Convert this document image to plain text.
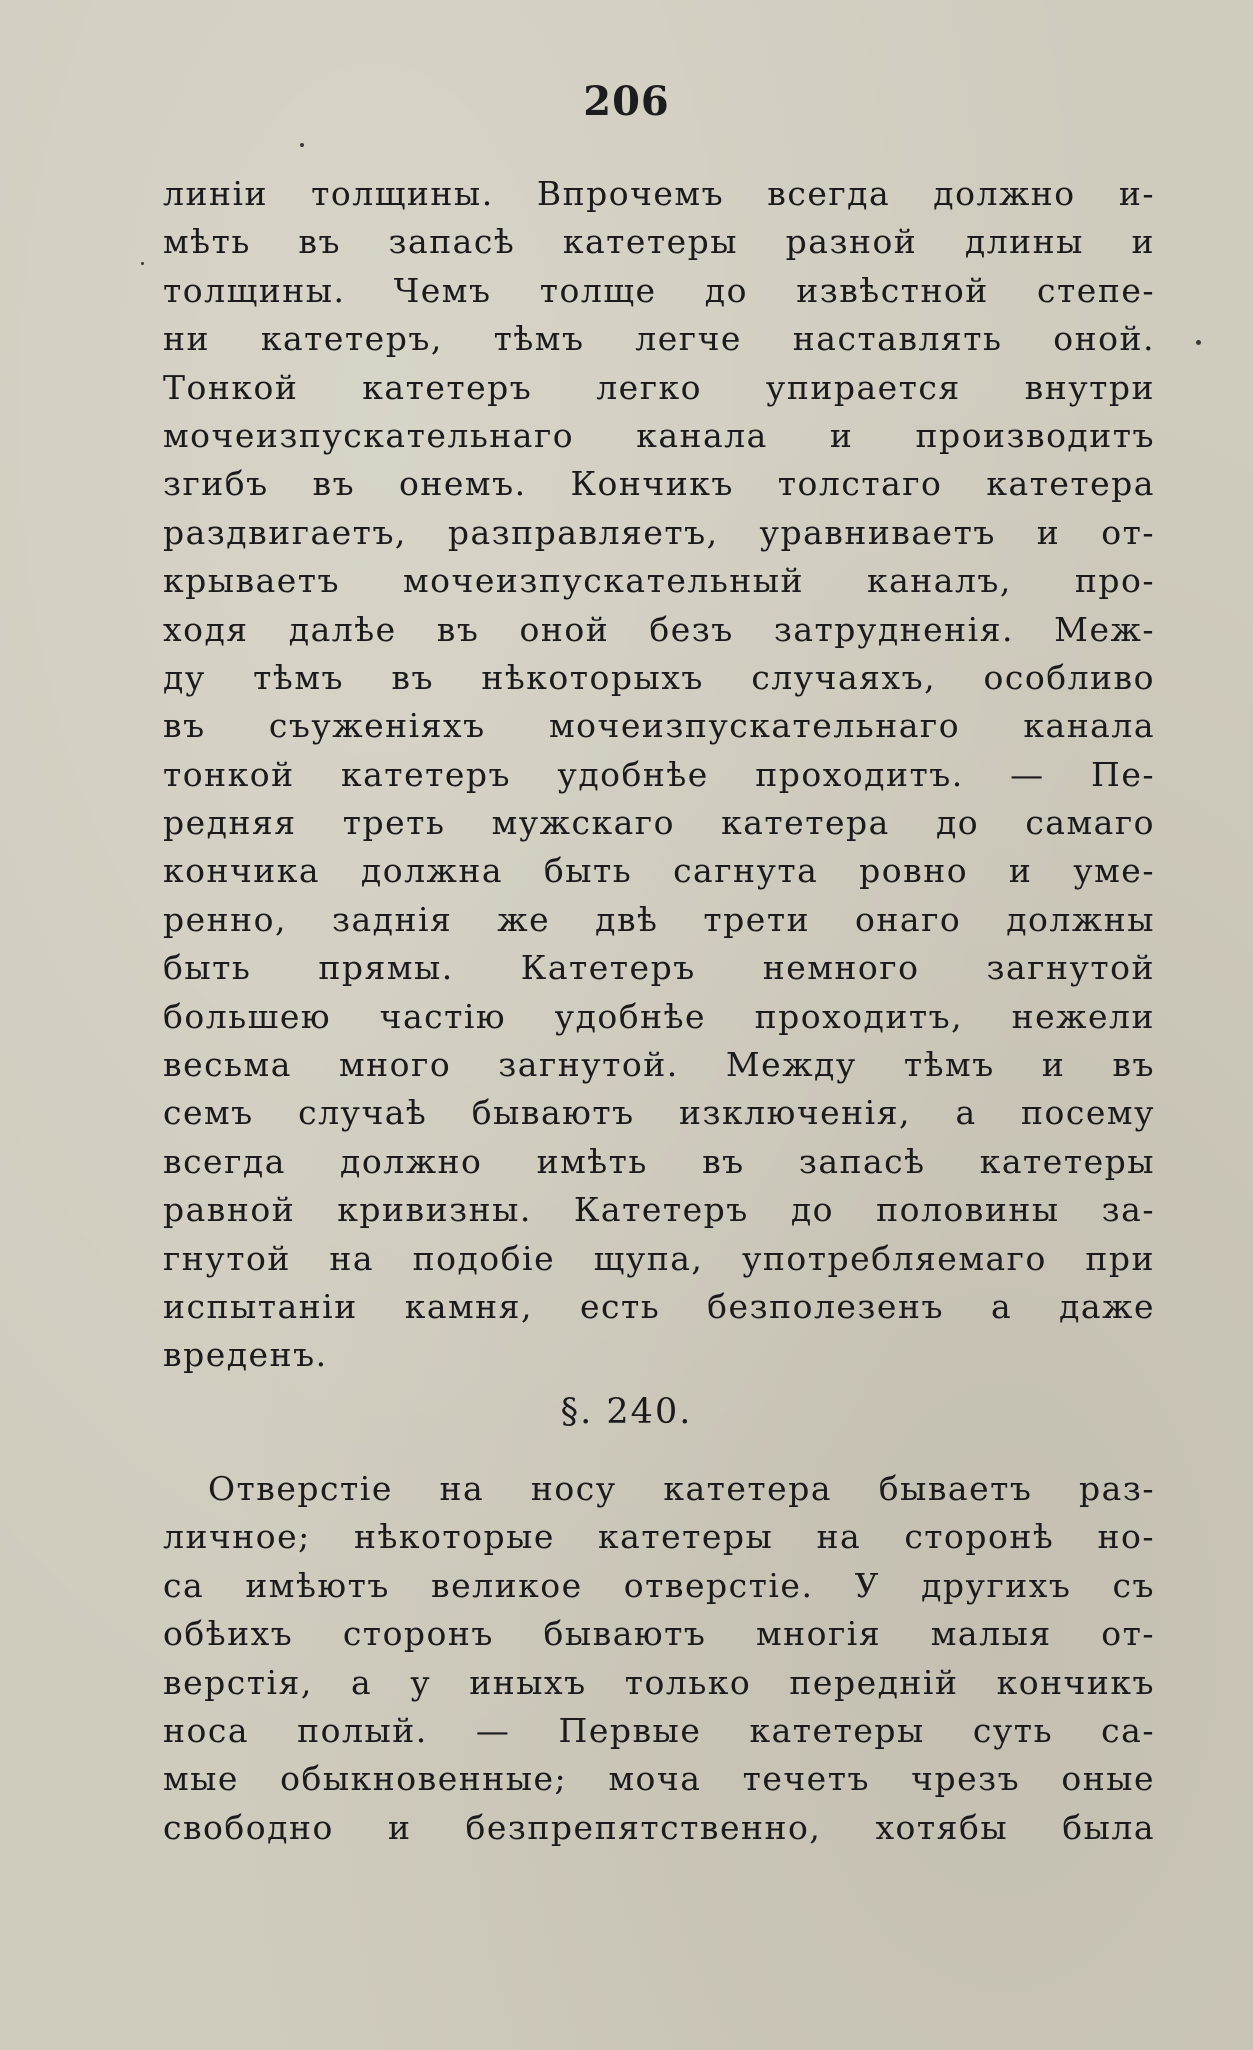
206
линіи толщины. Впрочемъ всегда должно и-
мѣть въ запасѣ катетеры разной длины и
толщины. Чемъ толще до извѣстной степе-
ни катетеръ, тѣмъ легче наставлять оной.
Тонкой катетеръ легко упирается внутри
мочеизпускательнаго канала и производитъ
згибъ въ онемъ. Кончикъ толстаго катетера
раздвигаетъ, разправляетъ, уравниваетъ и от-
крываетъ мочеизпускательный каналъ, про-
ходя далѣе въ оной безъ затрудненія. Меж-
ду тѣмъ въ нѣкоторыхъ случаяхъ, особливо
въ съуженіяхъ мочеизпускательнаго канала
тонкой катетеръ удобнѣе проходитъ. — Пе-
редняя треть мужскаго катетера до самаго
кончика должна быть сагнута ровно и уме-
ренно, заднія же двѣ трети онаго должны
быть прямы. Катетеръ немного загнутой
большею частію удобнѣе проходитъ, нежели
весьма много загнутой. Между тѣмъ и въ
семъ случаѣ бываютъ изключенія, а посему
всегда должно имѣть въ запасѣ катетеры
равной кривизны. Катетеръ до половины за-
гнутой на подобіе щупа, употребляемаго при
испытаніи камня, есть безполезенъ а даже
вреденъ.
§. 240.
Отверстіе на носу катетера бываетъ раз-
личное; нѣкоторые катетеры на сторонѣ но-
са имѣютъ великое отверстіе. У другихъ съ
обѣихъ сторонъ бываютъ многія малыя от-
верстія, а у иныхъ только передній кончикъ
носа полый. — Первые катетеры суть са-
мые обыкновенные; моча течетъ чрезъ оные
свободно и безпрепятственно, хотябы была
